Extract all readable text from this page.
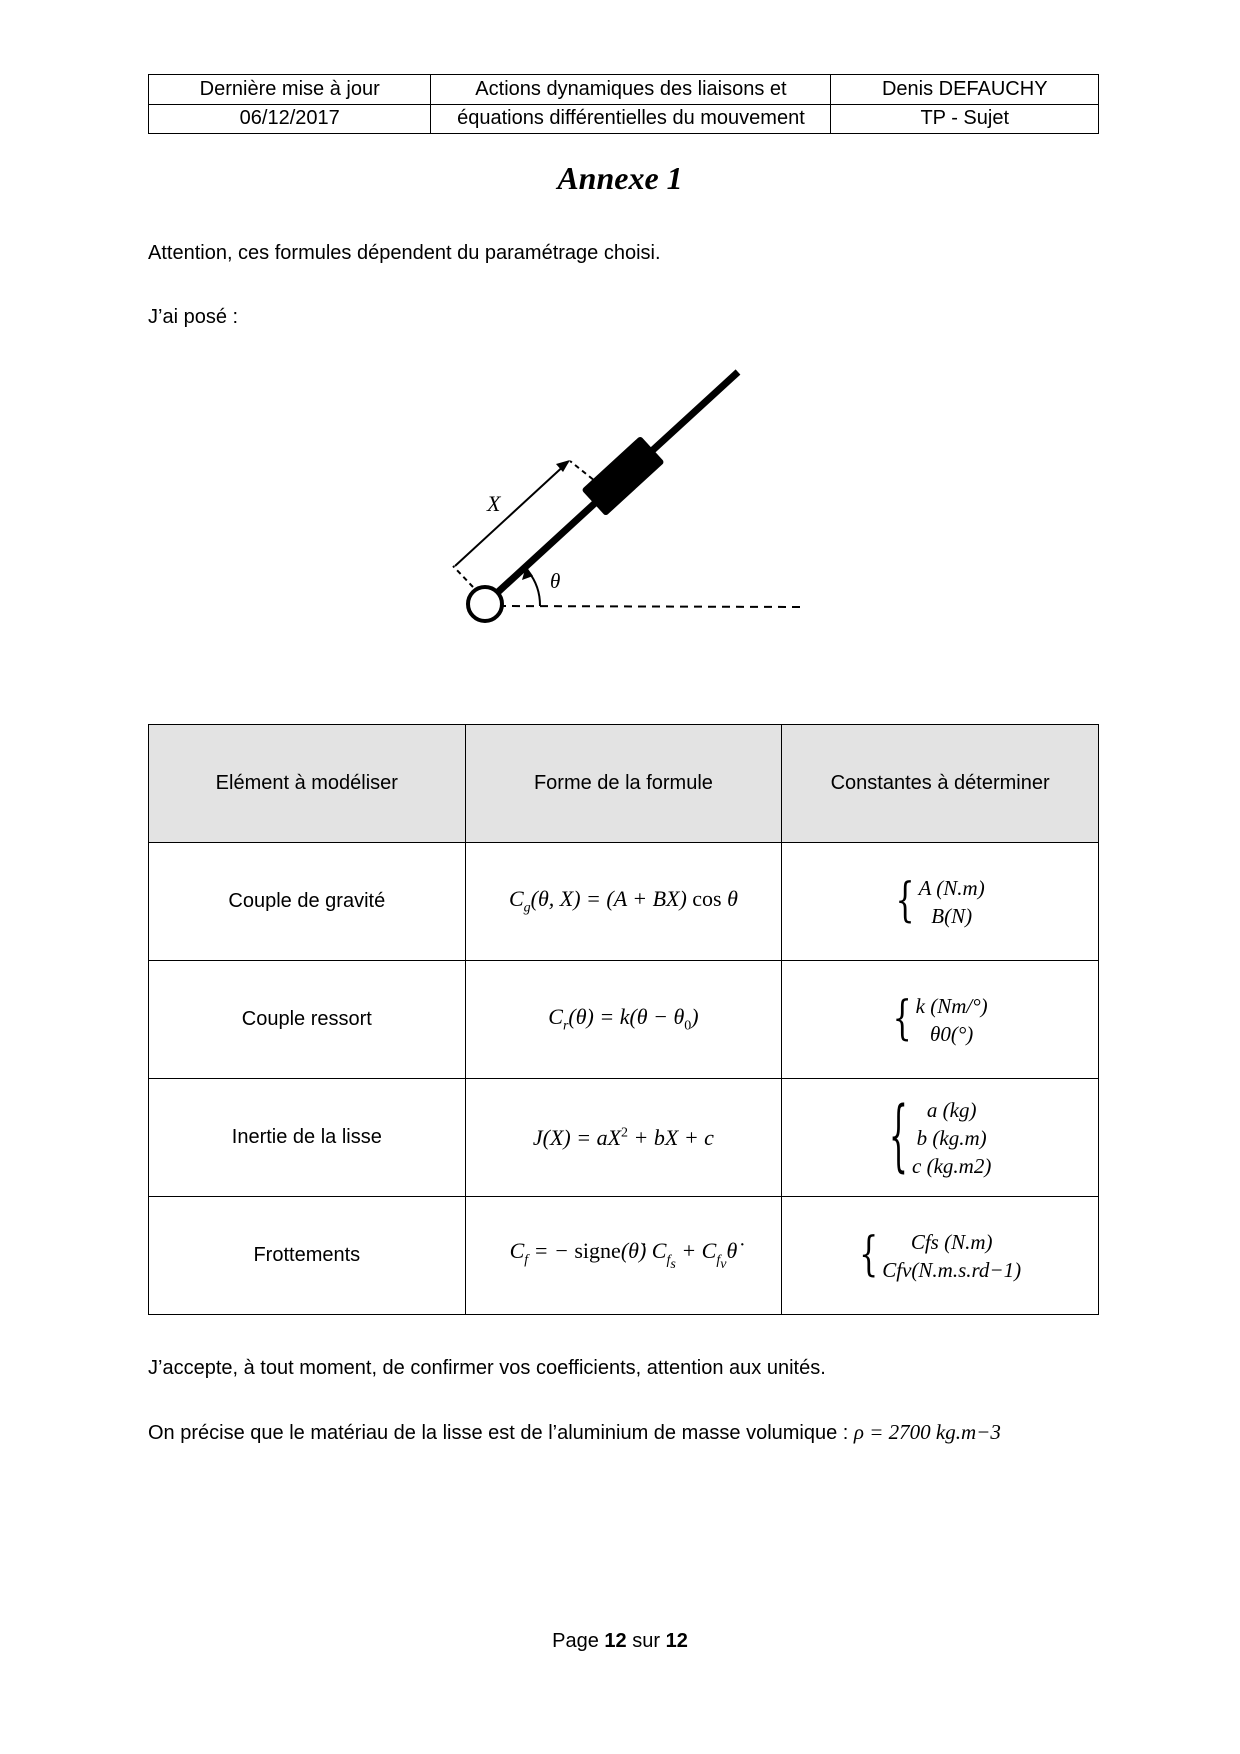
Dernière mise à jour	Actions dynamiques des liaisons et	Denis DEFAUCHY
06/12/2017	équations différentielles du mouvement	TP - Sujet
Annexe 1
Attention, ces formules dépendent du paramétrage choisi.
J’ai posé :
X
θ
Elément à modéliser	Forme de la formule	Constantes à déterminer
Couple de gravité	$C_g(\theta$, X) = (A + BX) cos θ	{ A (N.m)
B(N)

Couple ressort	$C_r(\theta) = k(\theta - \theta_0)$	{ k (Nm/°)
θ0(°)

Inertie de la lisse	$J(X) = aX^2$ + bX + c	{ a (kg)
b (kg.m)
c (kg.m2)

Frottements	$C_f$ = − signe(θ̇) $C_{f_s}$ + $C_{f_v}\thetȧ$	{ Cfs (N.m)
Cfv(N.m.s.rd−1)
J’accepte, à tout moment, de confirmer vos coefficients, attention aux unités.
On précise que le matériau de la lisse est de l’aluminium de masse volumique : ρ = 2700 kg.m−3
Page 12 sur 12
